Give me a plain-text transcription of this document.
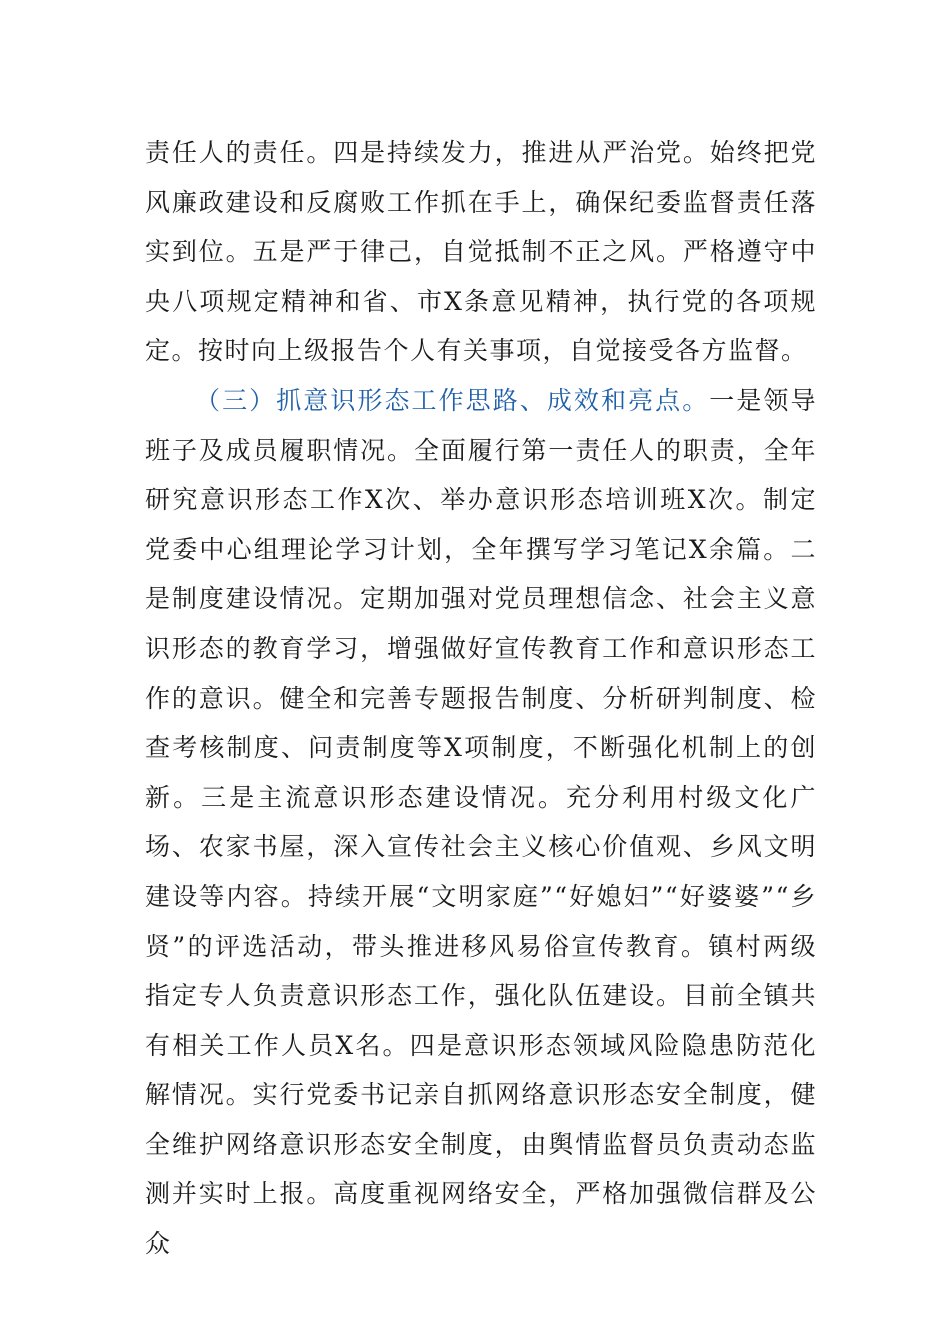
责任人的责任。四是持续发力，推进从严治党。始终把党风廉政建设和反腐败工作抓在手上，确保纪委监督责任落实到位。五是严于律己，自觉抵制不正之风。严格遵守中央八项规定精神和省、市X条意见精神，执行党的各项规定。按时向上级报告个人有关事项，自觉接受各方监督。

（三）抓意识形态工作思路、成效和亮点。一是领导班子及成员履职情况。全面履行第一责任人的职责，全年研究意识形态工作X次、举办意识形态培训班X次。制定党委中心组理论学习计划，全年撰写学习笔记X余篇。二是制度建设情况。定期加强对党员理想信念、社会主义意识形态的教育学习，增强做好宣传教育工作和意识形态工作的意识。健全和完善专题报告制度、分析研判制度、检查考核制度、问责制度等X项制度，不断强化机制上的创新。三是主流意识形态建设情况。充分利用村级文化广场、农家书屋，深入宣传社会主义核心价值观、乡风文明建设等内容。持续开展“文明家庭”“好媳妇”“好婆婆”“乡贤”的评选活动，带头推进移风易俗宣传教育。镇村两级指定专人负责意识形态工作，强化队伍建设。目前全镇共有相关工作人员X名。四是意识形态领域风险隐患防范化解情况。实行党委书记亲自抓网络意识形态安全制度，健全维护网络意识形态安全制度，由舆情监督员负责动态监测并实时上报。高度重视网络安全，严格加强微信群及公众
